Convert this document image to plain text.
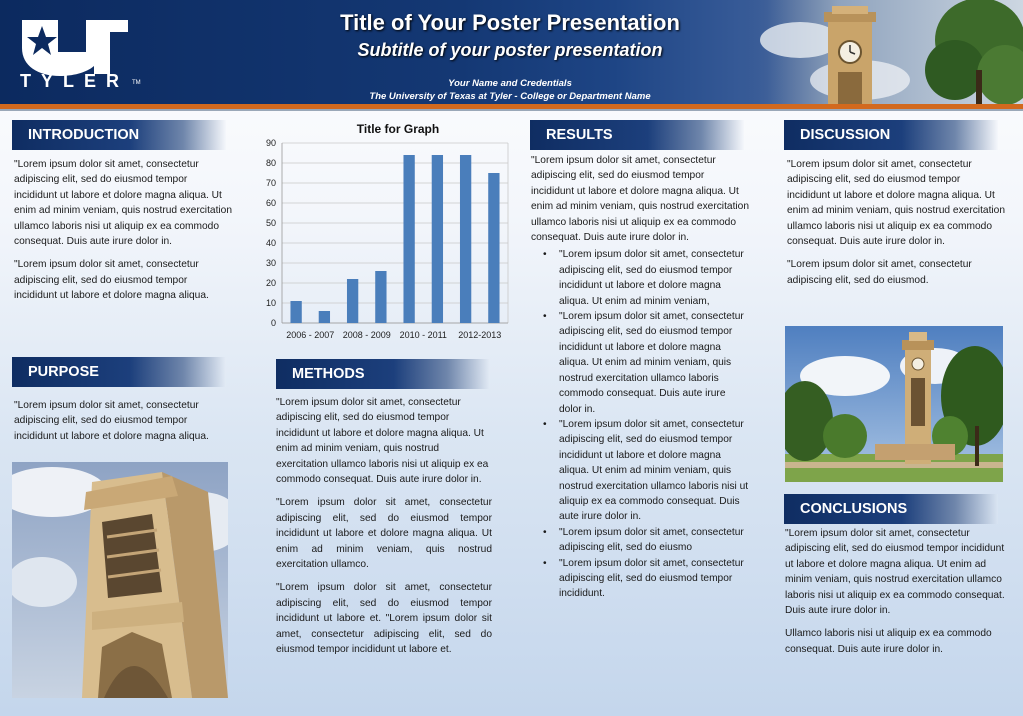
TYLER TM
Title of Your Poster Presentation
Subtitle of your poster presentation
Your Name and Credentials
The University of Texas at Tyler - College or Department Name
INTRODUCTION

"Lorem ipsum dolor sit amet, consectetur adipiscing elit, sed do eiusmod tempor incididunt ut labore et dolore magna aliqua. Ut enim ad minim veniam, quis nostrud exercitation ullamco laboris nisi ut aliquip ex ea commodo consequat. Duis aute irure dolor in.

"Lorem ipsum dolor sit amet, consectetur adipiscing elit, sed do eiusmod tempor incididunt ut labore et dolore magna aliqua.

PURPOSE

"Lorem ipsum dolor sit amet, consectetur adipiscing elit, sed do eiusmod tempor incididunt ut labore et dolore magna aliqua.

Title for Graph
0
10
20
30
40
50
60
70
80
90
2006 - 2007 2008 - 2009 2010 - 2011 2012-2013
METHODS

"Lorem ipsum dolor sit amet, consectetur adipiscing elit, sed do eiusmod tempor incididunt ut labore et dolore magna aliqua. Ut enim ad minim veniam, quis nostrud exercitation ullamco laboris nisi ut aliquip ex ea commodo consequat. Duis aute irure dolor in.

"Lorem ipsum dolor sit amet, consectetur adipiscing elit, sed do eiusmod tempor incididunt ut labore et dolore magna aliqua. Ut enim ad minim veniam, quis nostrud exercitation ullamco.

"Lorem ipsum dolor sit amet, consectetur adipiscing elit, sed do eiusmod tempor incididunt ut labore et. "Lorem ipsum dolor sit amet, consectetur adipiscing elit, sed do eiusmod tempor incididunt ut labore et.

RESULTS

"Lorem ipsum dolor sit amet, consectetur adipiscing elit, sed do eiusmod tempor incididunt ut labore et dolore magna aliqua. Ut enim ad minim veniam, quis nostrud exercitation ullamco laboris nisi ut aliquip ex ea commodo consequat. Duis aute irure dolor in.

• "Lorem ipsum dolor sit amet, consectetur adipiscing elit, sed do eiusmod tempor incididunt ut labore et dolore magna aliqua. Ut enim ad minim veniam,
• "Lorem ipsum dolor sit amet, consectetur adipiscing elit, sed do eiusmod tempor incididunt ut labore et dolore magna aliqua. Ut enim ad minim veniam, quis nostrud exercitation ullamco laboris commodo consequat. Duis aute irure dolor in.
• "Lorem ipsum dolor sit amet, consectetur adipiscing elit, sed do eiusmod tempor incididunt ut labore et dolore magna aliqua. Ut enim ad minim veniam, quis nostrud exercitation ullamco laboris nisi ut aliquip ex ea commodo consequat. Duis aute irure dolor in.
• "Lorem ipsum dolor sit amet, consectetur adipiscing elit, sed do eiusmo
• "Lorem ipsum dolor sit amet, consectetur adipiscing elit, sed do eiusmod tempor incididunt.
DISCUSSION

"Lorem ipsum dolor sit amet, consectetur adipiscing elit, sed do eiusmod tempor incididunt ut labore et dolore magna aliqua. Ut enim ad minim veniam, quis nostrud exercitation ullamco laboris nisi ut aliquip ex ea commodo consequat. Duis aute irure dolor in.

"Lorem ipsum dolor sit amet, consectetur adipiscing elit, sed do eiusmod.

CONCLUSIONS

"Lorem ipsum dolor sit amet, consectetur adipiscing elit, sed do eiusmod tempor incididunt ut labore et dolore magna aliqua. Ut enim ad minim veniam, quis nostrud exercitation ullamco laboris nisi ut aliquip ex ea commodo consequat. Duis aute irure dolor in.

Ullamco laboris nisi ut aliquip ex ea commodo consequat. Duis aute irure dolor in.
